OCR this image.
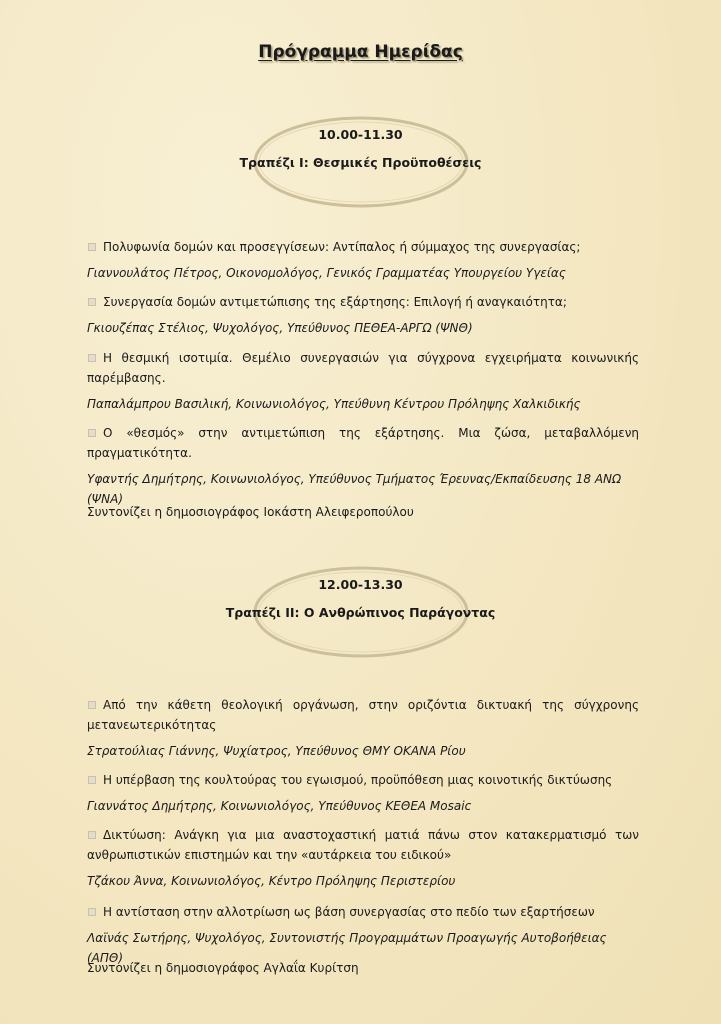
Πρόγραμμα Ημερίδας
10.00-11.30
Τραπέζι Ι: Θεσμικές Προϋποθέσεις
Πολυφωνία δομών και προσεγγίσεων: Αντίπαλος ή σύμμαχος της συνεργασίας;
Γιαννουλάτος Πέτρος, Οικονομολόγος, Γενικός Γραμματέας Υπουργείου Υγείας
Συνεργασία δομών αντιμετώπισης της εξάρτησης: Επιλογή ή αναγκαιότητα;
Γκιουζέπας Στέλιος, Ψυχολόγος, Υπεύθυνος ΠΕΘΕΑ-ΑΡΓΩ (ΨΝΘ)
Η θεσμική ισοτιμία. Θεμέλιο συνεργασιών για σύγχρονα εγχειρήματα κοινωνικής παρέμβασης.
Παπαλάμπρου Βασιλική, Κοινωνιολόγος, Υπεύθυνη Κέντρου Πρόληψης Χαλκιδικής
Ο «θεσμός» στην αντιμετώπιση της εξάρτησης. Μια ζώσα, μεταβαλλόμενη πραγματικότητα.
Υφαντής Δημήτρης, Κοινωνιολόγος, Υπεύθυνος Τμήματος Έρευνας/Εκπαίδευσης 18 ΑΝΩ (ΨΝΑ)
Συντονίζει η δημοσιογράφος Ιοκάστη Αλειφεροπούλου
12.00-13.30
Τραπέζι ΙΙ: Ο Ανθρώπινος Παράγοντας
Από την κάθετη θεολογική οργάνωση, στην οριζόντια δικτυακή της σύγχρονης μετανεωτερικότητας
Στρατούλιας Γιάννης, Ψυχίατρος, Υπεύθυνος ΘΜΥ ΟΚΑΝΑ Ρίου
Η υπέρβαση της κουλτούρας του εγωισμού, προϋπόθεση μιας κοινοτικής δικτύωσης
Γιαννάτος Δημήτρης, Κοινωνιολόγος, Υπεύθυνος ΚΕΘΕΑ Mosaic
Δικτύωση: Ανάγκη για μια αναστοχαστική ματιά πάνω στον κατακερματισμό των ανθρωπιστικών επιστημών και την «αυτάρκεια του ειδικού»
Τζάκου Άννα, Κοινωνιολόγος, Κέντρο Πρόληψης Περιστερίου
Η αντίσταση στην αλλοτρίωση ως βάση συνεργασίας στο πεδίο των εξαρτήσεων
Λαϊνάς Σωτήρης, Ψυχολόγος, Συντονιστής Προγραμμάτων Προαγωγής Αυτοβοήθειας (ΑΠΘ)
Συντονίζει η δημοσιογράφος Αγλαΐα Κυρίτση
